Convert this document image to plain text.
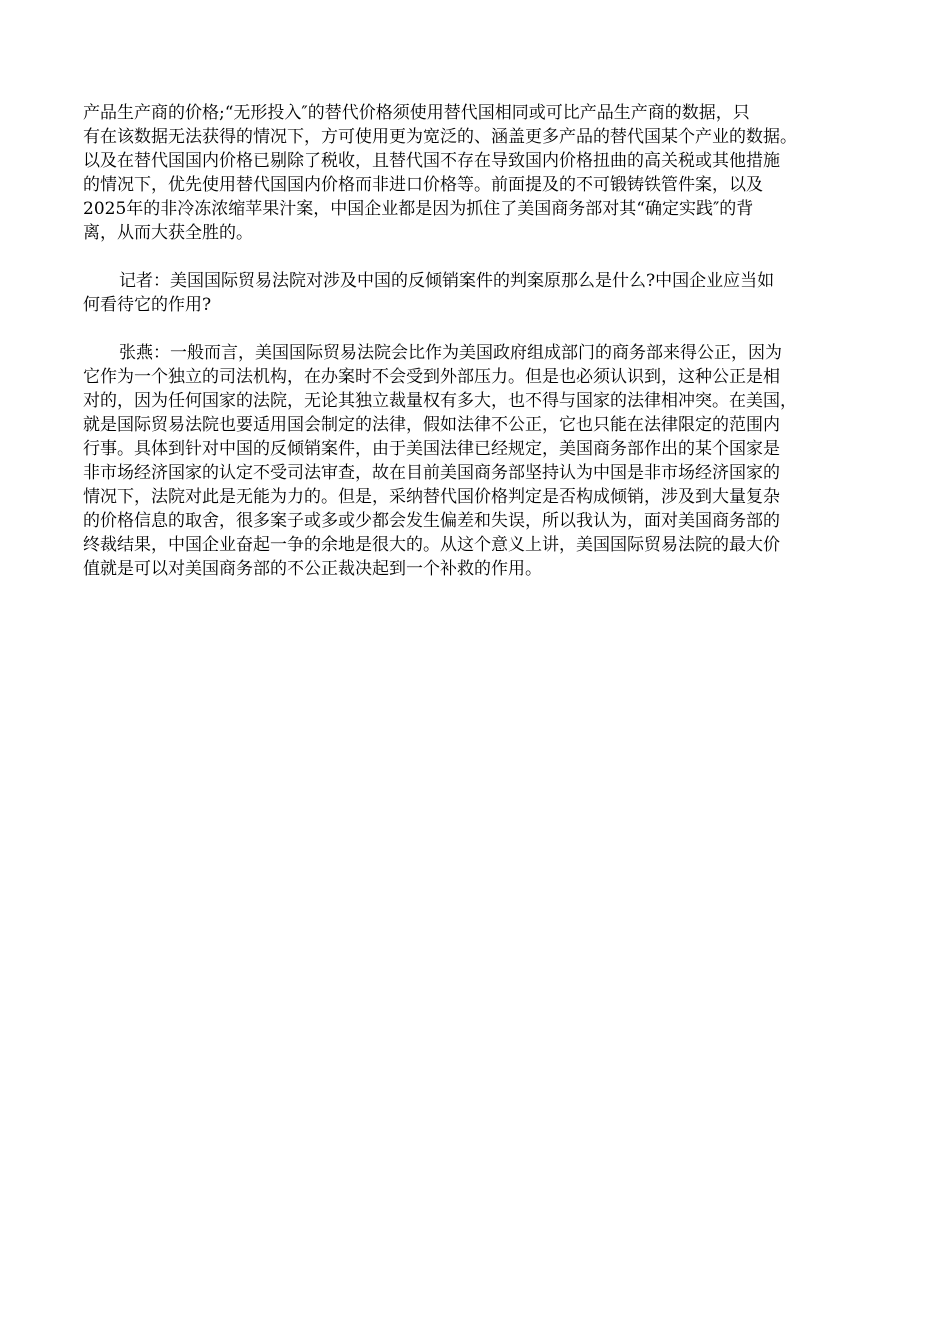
产品生产商的价格;“无形投入″的替代价格须使用替代国相同或可比产品生产商的数据，只
有在该数据无法获得的情况下，方可使用更为宽泛的、涵盖更多产品的替代国某个产业的数据。
以及在替代国国内价格已剔除了税收，且替代国不存在导致国内价格扭曲的高关税或其他措施
的情况下，优先使用替代国国内价格而非进口价格等。前面提及的不可锻铸铁管件案，以及
2025年的非冷冻浓缩苹果汁案，中国企业都是因为抓住了美国商务部对其“确定实践″的背
离，从而大获全胜的。
记者：美国国际贸易法院对涉及中国的反倾销案件的判案原那么是什么?中国企业应当如
何看待它的作用?
张燕：一般而言，美国国际贸易法院会比作为美国政府组成部门的商务部来得公正，因为
它作为一个独立的司法机构，在办案时不会受到外部压力。但是也必须认识到，这种公正是相
对的，因为任何国家的法院，无论其独立裁量权有多大，也不得与国家的法律相冲突。在美国，
就是国际贸易法院也要适用国会制定的法律，假如法律不公正，它也只能在法律限定的范围内
行事。具体到针对中国的反倾销案件，由于美国法律已经规定，美国商务部作出的某个国家是
非市场经济国家的认定不受司法审查，故在目前美国商务部坚持认为中国是非市场经济国家的
情况下，法院对此是无能为力的。但是，采纳替代国价格判定是否构成倾销，涉及到大量复杂
的价格信息的取舍，很多案子或多或少都会发生偏差和失误，所以我认为，面对美国商务部的
终裁结果，中国企业奋起一争的余地是很大的。从这个意义上讲，美国国际贸易法院的最大价
值就是可以对美国商务部的不公正裁决起到一个补救的作用。
